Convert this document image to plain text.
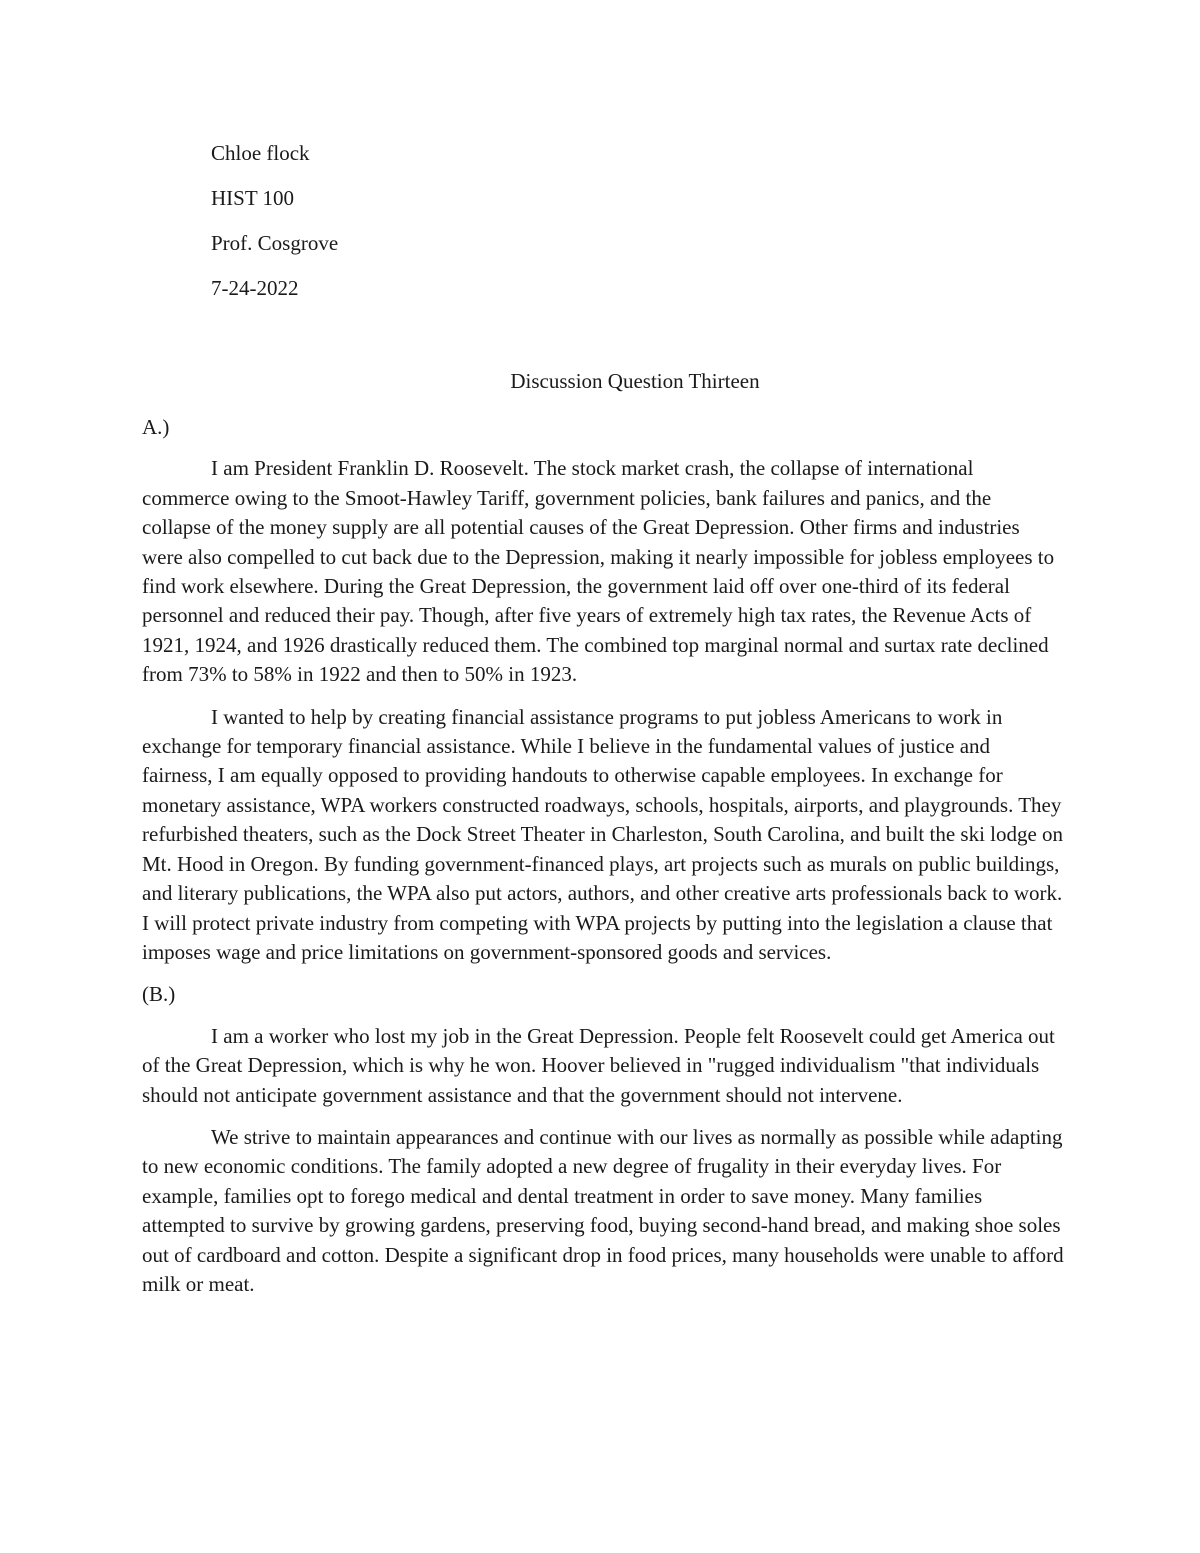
Chloe flock
HIST 100
Prof. Cosgrove
7-24-2022
Discussion Question Thirteen
A.)

I am President Franklin D. Roosevelt. The stock market crash, the collapse of international commerce owing to the Smoot-Hawley Tariff, government policies, bank failures and panics, and the collapse of the money supply are all potential causes of the Great Depression. Other firms and industries were also compelled to cut back due to the Depression, making it nearly impossible for jobless employees to find work elsewhere. During the Great Depression, the government laid off over one-third of its federal personnel and reduced their pay. Though, after five years of extremely high tax rates, the Revenue Acts of 1921, 1924, and 1926 drastically reduced them. The combined top marginal normal and surtax rate declined from 73% to 58% in 1922 and then to 50% in 1923.

I wanted to help by creating financial assistance programs to put jobless Americans to work in exchange for temporary financial assistance. While I believe in the fundamental values of justice and fairness, I am equally opposed to providing handouts to otherwise capable employees. In exchange for monetary assistance, WPA workers constructed roadways, schools, hospitals, airports, and playgrounds. They refurbished theaters, such as the Dock Street Theater in Charleston, South Carolina, and built the ski lodge on Mt. Hood in Oregon. By funding government-financed plays, art projects such as murals on public buildings, and literary publications, the WPA also put actors, authors, and other creative arts professionals back to work. I will protect private industry from competing with WPA projects by putting into the legislation a clause that imposes wage and price limitations on government-sponsored goods and services.

(B.)

I am a worker who lost my job in the Great Depression. People felt Roosevelt could get America out of the Great Depression, which is why he won. Hoover believed in "rugged individualism "that individuals should not anticipate government assistance and that the government should not intervene.

We strive to maintain appearances and continue with our lives as normally as possible while adapting to new economic conditions. The family adopted a new degree of frugality in their everyday lives. For example, families opt to forego medical and dental treatment in order to save money. Many families attempted to survive by growing gardens, preserving food, buying second-hand bread, and making shoe soles out of cardboard and cotton. Despite a significant drop in food prices, many households were unable to afford milk or meat.
